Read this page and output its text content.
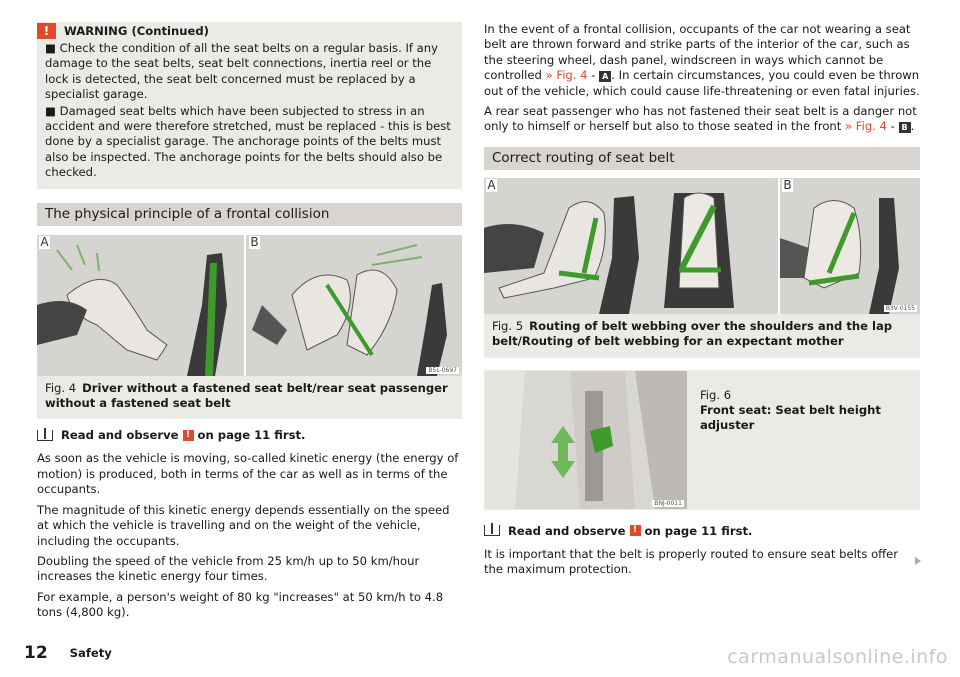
!	WARNING (Continued)

■ Check the condition of all the seat belts on a regular basis. If any damage to the seat belts, seat belt connections, inertia reel or the lock is detected, the seat belt concerned must be replaced by a specialist garage.

■ Damaged seat belts which have been subjected to stress in an accident and were therefore stretched, must be replaced - this is best done by a specialist garage. The anchorage points of the belts must also be inspected. The anchorage points for the belts should also be checked.

The physical principle of a frontal collision
A	B
B5L-0697
Fig. 4 Driver without a fastened seat belt/rear seat passenger without a fastened seat belt
Read and observe ! on page 11 first.

As soon as the vehicle is moving, so-called kinetic energy (the energy of motion) is produced, both in terms of the car as well as in terms of the occupants.

The magnitude of this kinetic energy depends essentially on the speed at which the vehicle is travelling and on the weight of the vehicle, including the occupants.

Doubling the speed of the vehicle from 25 km/h up to 50 km/hour increases the kinetic energy four times.

For example, a person's weight of 80 kg "increases" at 50 km/h to 4.8 tons (4,800 kg).

In the event of a frontal collision, occupants of the car not wearing a seat belt are thrown forward and strike parts of the interior of the car, such as the steering wheel, dash panel, windscreen in ways which cannot be controlled » Fig. 4 - A . In certain circumstances, you could even be thrown out of the vehicle, which could cause life-threatening or even fatal injuries.

A rear seat passenger who has not fastened their seat belt is a danger not only to himself or herself but also to those seated in the front » Fig. 4 - B .

Correct routing of seat belt
A	B
B3V-0155
Fig. 5 Routing of belt webbing over the shoulders and the lap belt/Routing of belt webbing for an expectant mother
BNJ-0011
Fig. 6
Front seat: Seat belt height adjuster
Read and observe ! on page 11 first.

It is important that the belt is properly routed to ensure seat belts offer the maximum protection.

12 Safety	carmanualsonline.info
